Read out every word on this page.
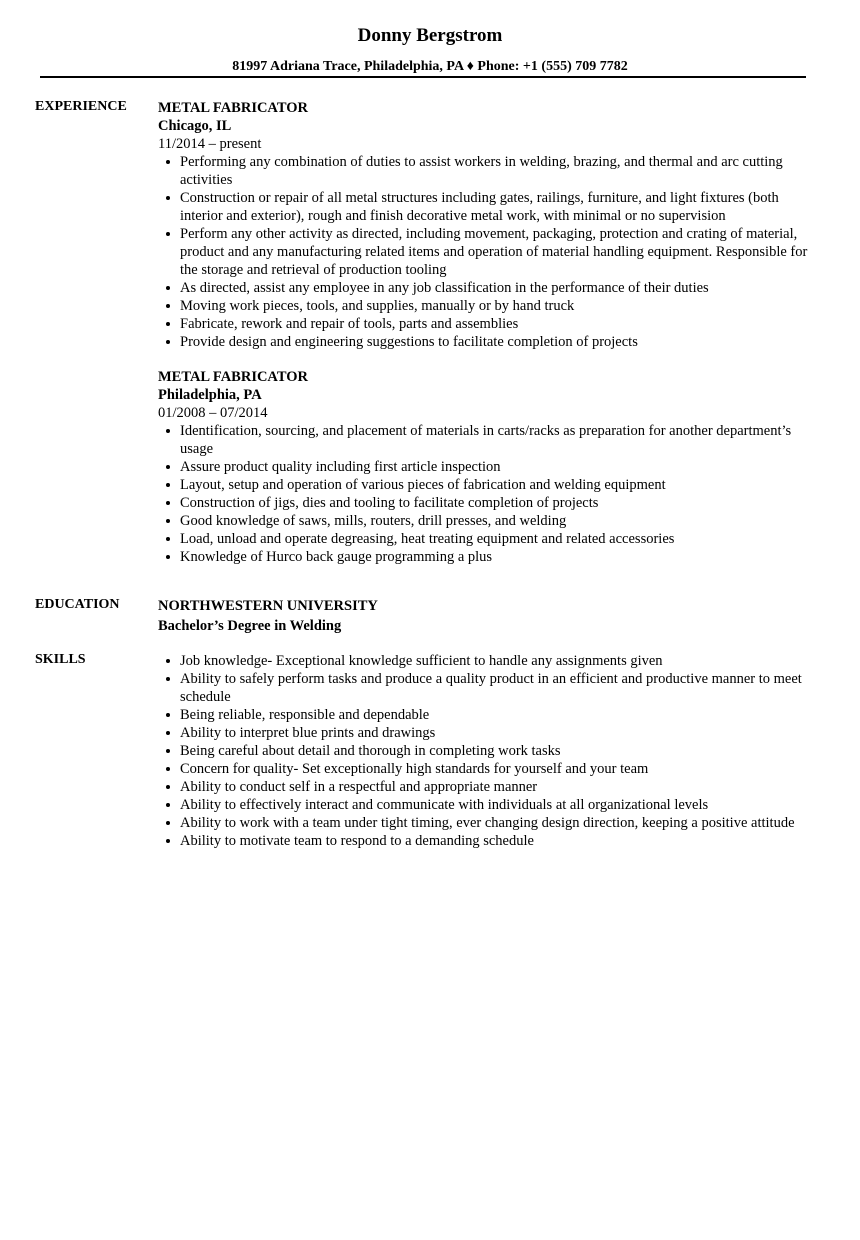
Donny Bergstrom
81997 Adriana Trace, Philadelphia, PA ♦ Phone: +1 (555) 709 7782
EXPERIENCE METAL FABRICATOR
Chicago, IL
11/2014 – present
Performing any combination of duties to assist workers in welding, brazing, and thermal and arc cutting activities
Construction or repair of all metal structures including gates, railings, furniture, and light fixtures (both interior and exterior), rough and finish decorative metal work, with minimal or no supervision
Perform any other activity as directed, including movement, packaging, protection and crating of material, product and any manufacturing related items and operation of material handling equipment. Responsible for the storage and retrieval of production tooling
As directed, assist any employee in any job classification in the performance of their duties
Moving work pieces, tools, and supplies, manually or by hand truck
Fabricate, rework and repair of tools, parts and assemblies
Provide design and engineering suggestions to facilitate completion of projects
METAL FABRICATOR
Philadelphia, PA
01/2008 – 07/2014
Identification, sourcing, and placement of materials in carts/racks as preparation for another department’s usage
Assure product quality including first article inspection
Layout, setup and operation of various pieces of fabrication and welding equipment
Construction of jigs, dies and tooling to facilitate completion of projects
Good knowledge of saws, mills, routers, drill presses, and welding
Load, unload and operate degreasing, heat treating equipment and related accessories
Knowledge of Hurco back gauge programming a plus
EDUCATION	NORTHWESTERN UNIVERSITY
Bachelor’s Degree in Welding
SKILLS	Job knowledge- Exceptional knowledge sufficient to handle any assignments given
Ability to safely perform tasks and produce a quality product in an efficient and productive manner to meet schedule
Being reliable, responsible and dependable
Ability to interpret blue prints and drawings
Being careful about detail and thorough in completing work tasks
Concern for quality- Set exceptionally high standards for yourself and your team
Ability to conduct self in a respectful and appropriate manner
Ability to effectively interact and communicate with individuals at all organizational levels
Ability to work with a team under tight timing, ever changing design direction, keeping a positive attitude
Ability to motivate team to respond to a demanding schedule
